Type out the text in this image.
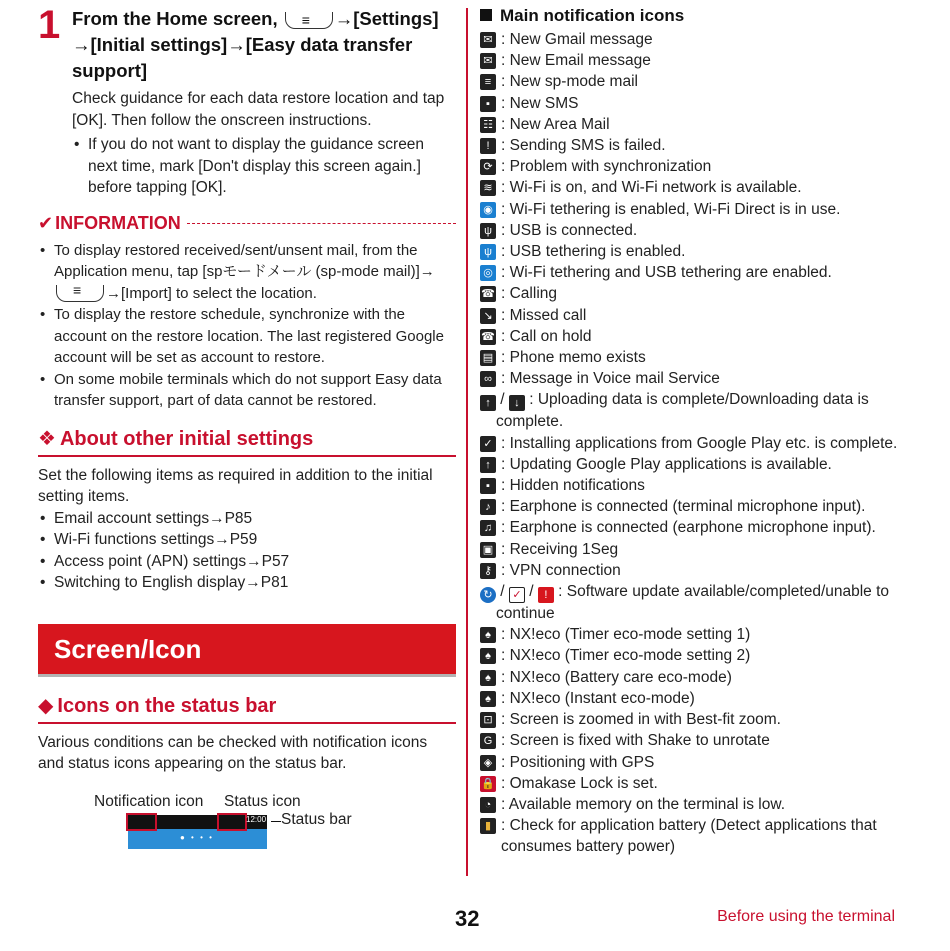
1 From the Home screen, ≡	→[Settings] →[Initial settings]→[Easy data transfer support]
Check guidance for each data restore location and tap [OK]. Then follow the onscreen instructions.
• If you do not want to display the guidance screen next time, mark [Don't display this screen again.] before tapping [OK].
✔ INFORMATION
• To display restored received/sent/unsent mail, from the Application menu, tap [spモードメール (sp-mode mail)]→ ≡→[Import] to select the location.
• To display the restore schedule, synchronize with the account on the restore location. The last registered Google account will be set as account to restore.
• On some mobile terminals which do not support Easy data transfer support, part of data cannot be restored.
❖ About other initial settings
Set the following items as required in addition to the initial setting items.
• Email account settings→P85
• Wi-Fi functions settings→P59
• Access point (APN) settings→P57
• Switching to English display→P81
Screen/Icon
◆ Icons on the status bar
Various conditions can be checked with notification icons and status icons appearing on the status bar.
Notification icon Status icon
12:00
● • • •
Status bar
Main notification icons
✉ : New Gmail message
✉ : New Email message
≡ : New sp-mode mail
▪ : New SMS
☷ : New Area Mail
! : Sending SMS is failed.
⟳ : Problem with synchronization
≋ : Wi-Fi is on, and Wi-Fi network is available.
◉ : Wi-Fi tethering is enabled, Wi-Fi Direct is in use.
ψ : USB is connected.
ψ : USB tethering is enabled.
◎ : Wi-Fi tethering and USB tethering are enabled.
☎ : Calling
↘ : Missed call
☎ : Call on hold
▤ : Phone memo exists
∞ : Message in Voice mail Service
↑ / ↓ : Uploading data is complete/Downloading data is complete.
✓ : Installing applications from Google Play etc. is complete.
↑ : Updating Google Play applications is available.
▪ : Hidden notifications
♪ : Earphone is connected (terminal microphone input).
♫ : Earphone is connected (earphone microphone input).
▣ : Receiving 1Seg
⚷ : VPN connection
↻ / ✓ / ! : Software update available/completed/unable to continue
♠ : NX!eco (Timer eco-mode setting 1)
♠ : NX!eco (Timer eco-mode setting 2)
♠ : NX!eco (Battery care eco-mode)
♠ : NX!eco (Instant eco-mode)
⊡ : Screen is zoomed in with Best-fit zoom.
G : Screen is fixed with Shake to unrotate
◈ : Positioning with GPS
🔒 : Omakase Lock is set.
◔ : Available memory on the terminal is low.
▮ : Check for application battery (Detect applications that consumes battery power)
32	Before using the terminal
